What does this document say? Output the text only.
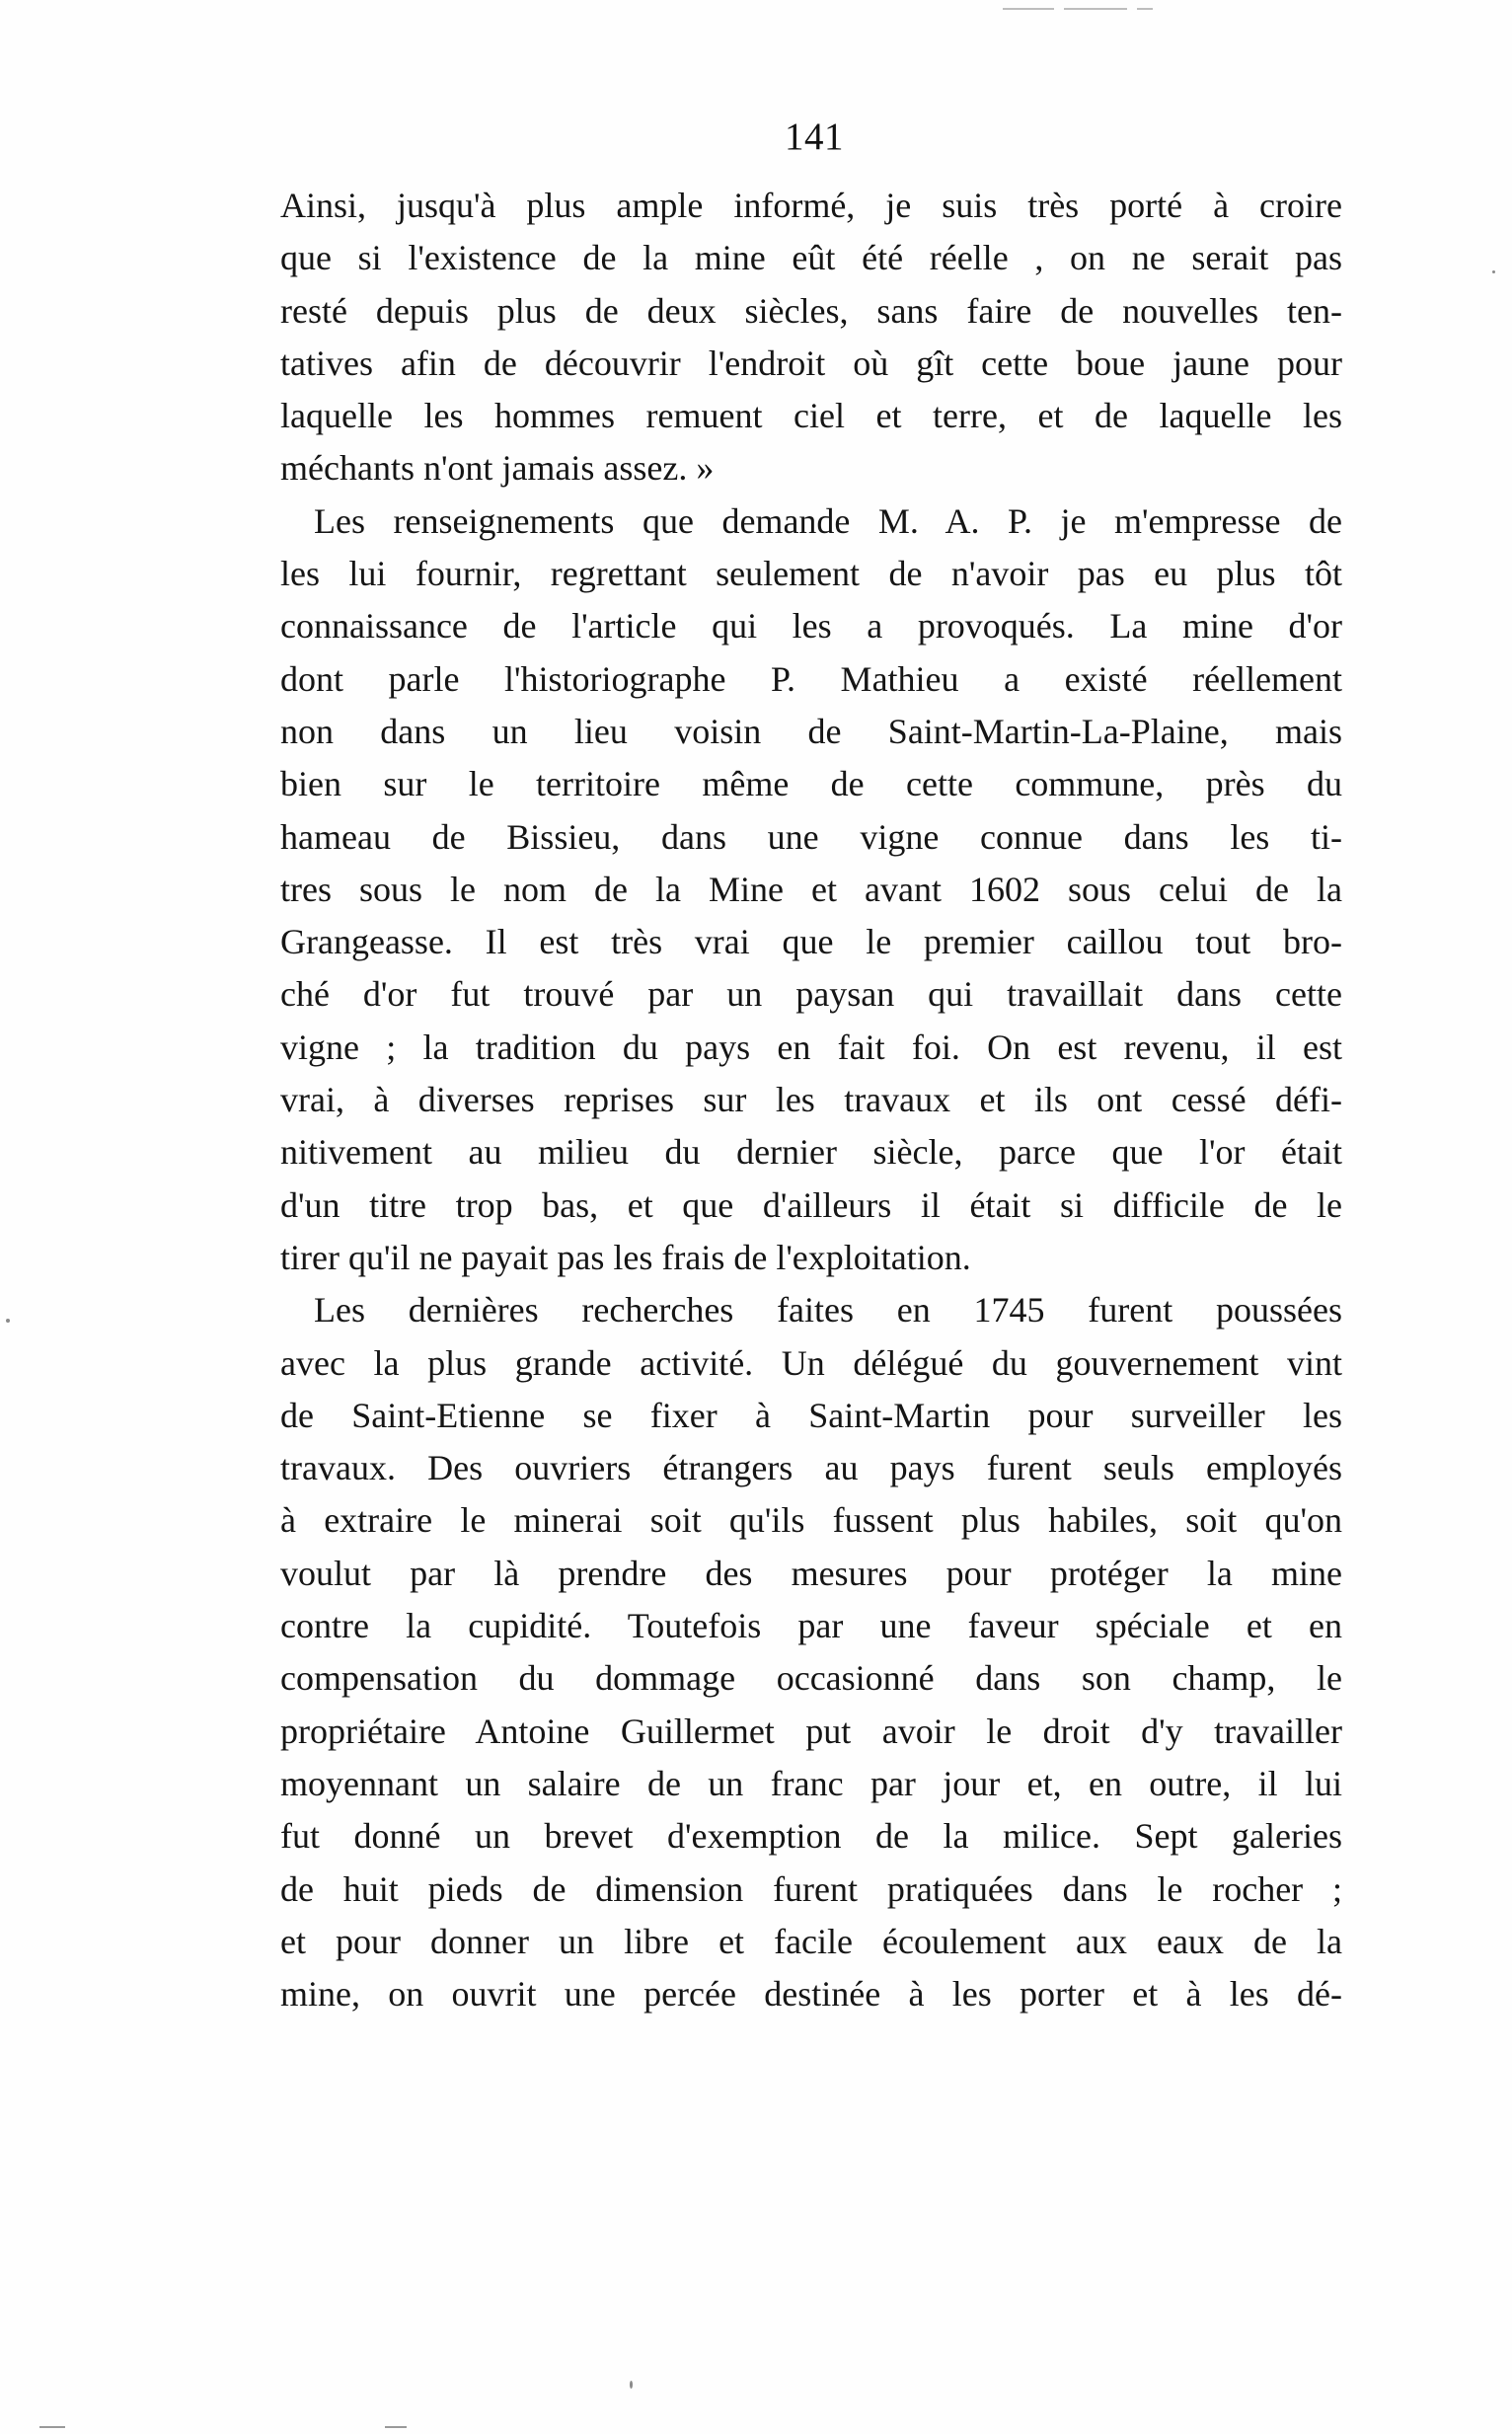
141
Ainsi, jusqu'à plus ample informé, je suis très porté à croire
que si l'existence de la mine eût été réelle , on ne serait pas
resté depuis plus de deux siècles, sans faire de nouvelles ten-
tatives afin de découvrir l'endroit où gît cette boue jaune pour
laquelle les hommes remuent ciel et terre, et de laquelle les
méchants n'ont jamais assez. »
Les renseignements que demande M. A. P. je m'empresse de
les lui fournir, regrettant seulement de n'avoir pas eu plus tôt
connaissance de l'article qui les a provoqués. La mine d'or
dont parle l'historiographe P. Mathieu a existé réellement
non dans un lieu voisin de Saint-Martin-La-Plaine, mais
bien sur le territoire même de cette commune, près du
hameau de Bissieu, dans une vigne connue dans les ti-
tres sous le nom de la Mine et avant 1602 sous celui de la
Grangeasse. Il est très vrai que le premier caillou tout bro-
ché d'or fut trouvé par un paysan qui travaillait dans cette
vigne ; la tradition du pays en fait foi. On est revenu, il est
vrai, à diverses reprises sur les travaux et ils ont cessé défi-
nitivement au milieu du dernier siècle, parce que l'or était
d'un titre trop bas, et que d'ailleurs il était si difficile de le
tirer qu'il ne payait pas les frais de l'exploitation.
Les dernières recherches faites en 1745 furent poussées
avec la plus grande activité. Un délégué du gouvernement vint
de Saint-Etienne se fixer à Saint-Martin pour surveiller les
travaux. Des ouvriers étrangers au pays furent seuls employés
à extraire le minerai soit qu'ils fussent plus habiles, soit qu'on
voulut par là prendre des mesures pour protéger la mine
contre la cupidité. Toutefois par une faveur spéciale et en
compensation du dommage occasionné dans son champ, le
propriétaire Antoine Guillermet put avoir le droit d'y travailler
moyennant un salaire de un franc par jour et, en outre, il lui
fut donné un brevet d'exemption de la milice. Sept galeries
de huit pieds de dimension furent pratiquées dans le rocher ;
et pour donner un libre et facile écoulement aux eaux de la
mine, on ouvrit une percée destinée à les porter et à les dé-
